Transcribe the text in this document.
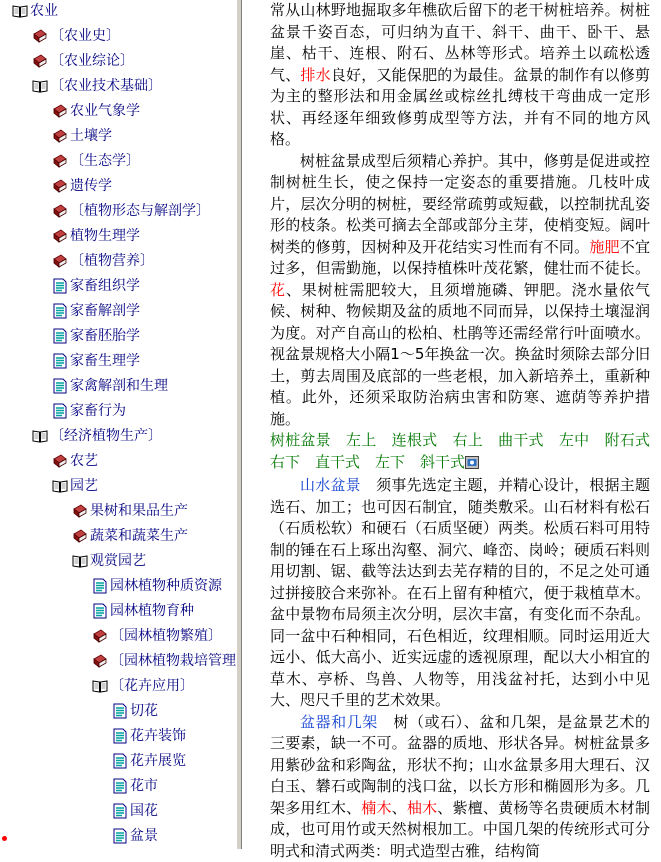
农业
〔农业史〕
〔农业综论〕
〔农业技术基础〕
农业气象学
土壤学
〔生态学〕
遗传学
〔植物形态与解剖学〕
植物生理学
〔植物营养〕
家畜组织学
家畜解剖学
家畜胚胎学
家畜生理学
家禽解剖和生理
家畜行为
〔经济植物生产〕
农艺
园艺
果树和果品生产
蔬菜和蔬菜生产
观赏园艺
园林植物种质资源
园林植物育种
〔园林植物繁殖〕
〔园林植物栽培管理
〔花卉应用〕
切花
花卉装饰
花卉展览
花市
国花
盆景

常从山林野地掘取多年樵砍后留下的老干树桩培养。树桩盆景千姿百态，可归纳为直干、斜干、曲干、卧干、悬崖、枯干、连根、附石、丛林等形式。培养土以疏松透气、排水良好，又能保肥的为最佳。盆景的制作有以修剪为主的整形法和用金属丝或棕丝扎缚枝干弯曲成一定形状、再经逐年细致修剪成型等方法，并有不同的地方风格。

树桩盆景成型后须精心养护。其中，修剪是促进或控制树桩生长，使之保持一定姿态的重要措施。几枝叶成片，层次分明的树桩，要经常疏剪或短截，以控制扰乱姿形的枝条。松类可摘去全部或部分主芽，使梢变短。阔叶树类的修剪，因树种及开花结实习性而有不同。施肥不宜过多，但需勤施，以保持植株叶茂花繁，健壮而不徒长。花、果树桩需肥较大，且须增施磷、钾肥。浇水量依气候、树种、物候期及盆的质地不同而异，以保持土壤湿润为度。对产自高山的松柏、杜鹃等还需经常行叶面喷水。视盆景规格大小隔1～5年换盆一次。换盆时须除去部分旧土，剪去周围及底部的一些老根，加入新培养土，重新种植。此外，还须采取防治病虫害和防寒、遮荫等养护措施。

树桩盆景　左上　连根式　右上　曲干式　左中　附石式　右下　直干式　左下　斜干式

山水盆景　须事先选定主题，并精心设计，根据主题选石、加工；也可因石制宜，随类敷采。山石材料有松石（石质松软）和硬石（石质坚硬）两类。松质石料可用特制的锤在石上琢出沟壑、洞穴、峰峦、岗岭；硬质石料则用切割、锯、截等法达到去芜存精的目的，不足之处可通过拼接胶合来弥补。在石上留有种植穴，便于栽植草木。盆中景物布局须主次分明，层次丰富，有变化而不杂乱。同一盆中石种相同，石色相近，纹理相顺。同时运用近大远小、低大高小、近实远虚的透视原理，配以大小相宜的草木、亭桥、鸟兽、人物等，用浅盆衬托，达到小中见大、咫尺千里的艺术效果。

盆器和几架　树（或石）、盆和几架，是盆景艺术的三要素，缺一不可。盆器的质地、形状各异。树桩盆景多用紫砂盆和彩陶盆，形状不拘；山水盆景多用大理石、汉白玉、礬石或陶制的浅口盆，以长方形和椭圆形为多。几架多用红木、楠木、柚木、紫檀、黄杨等名贵硬质木材制成，也可用竹或天然树根加工。中国几架的传统形式可分明式和清式两类：明式造型古雅，结构简
